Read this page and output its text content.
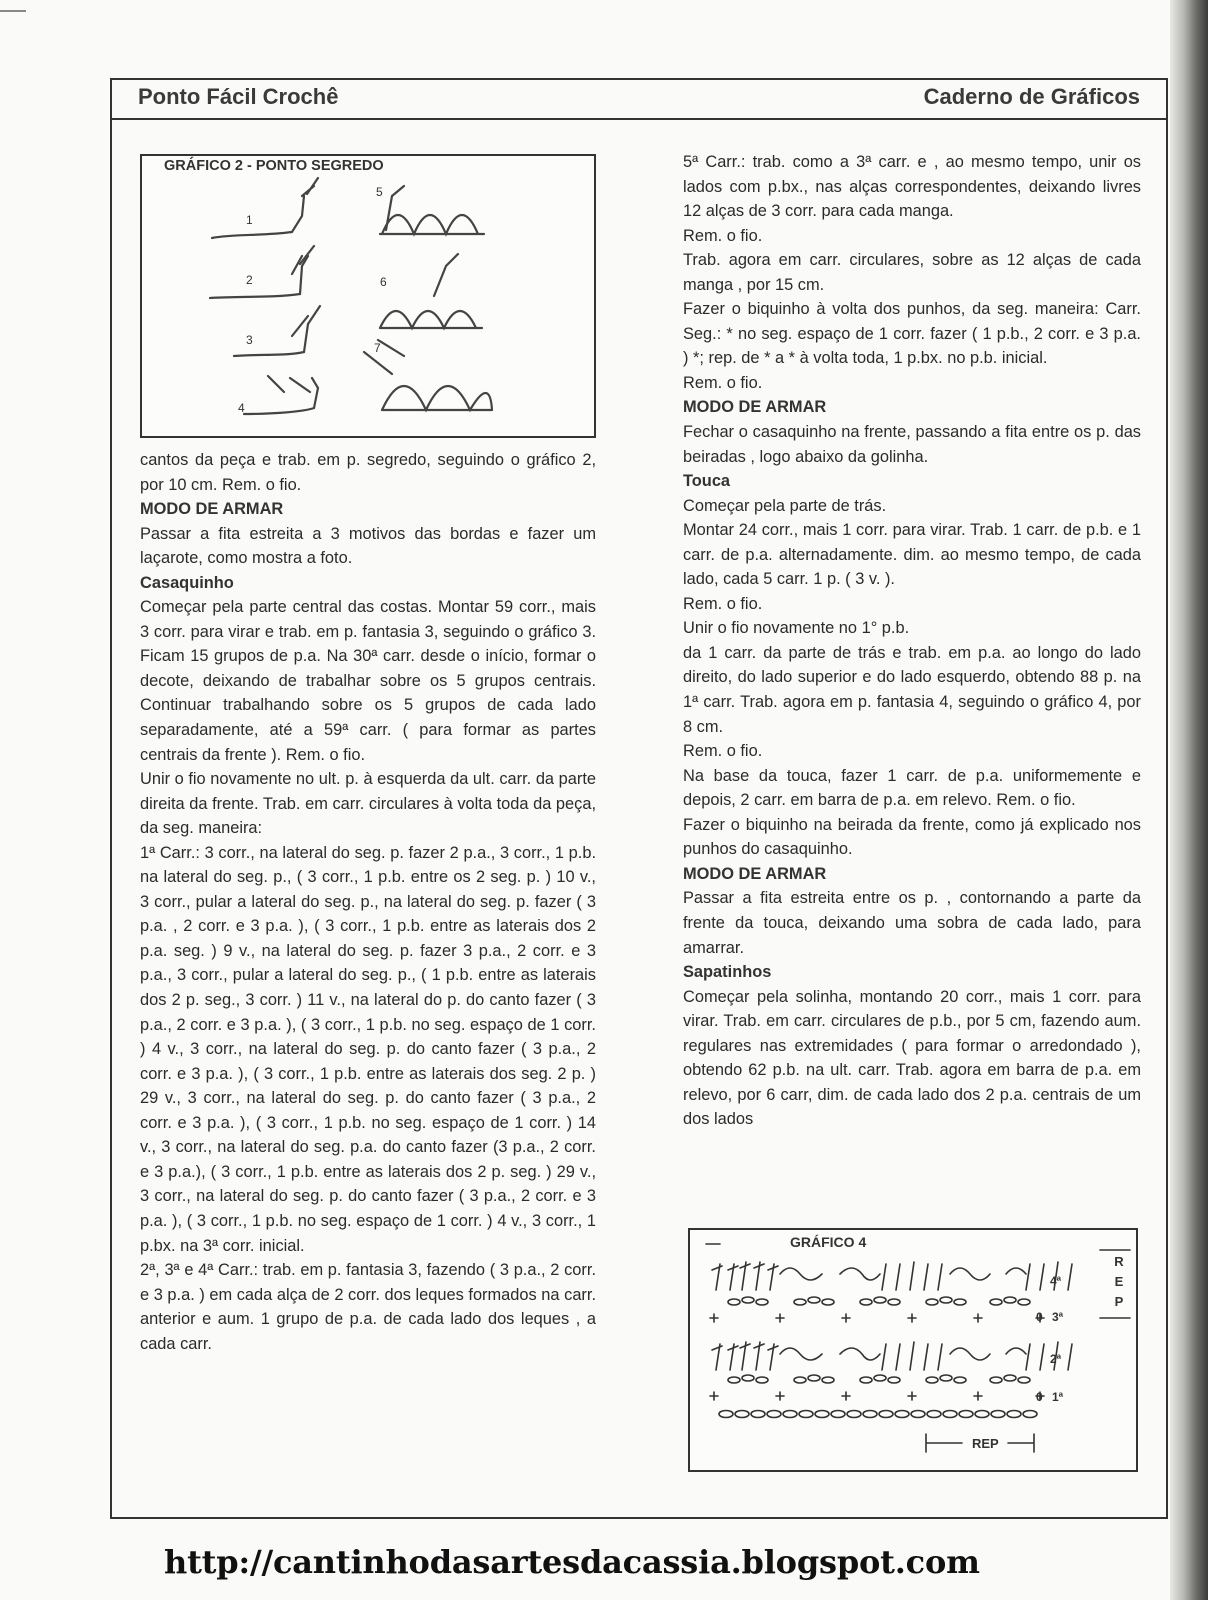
Ponto Fácil Crochê	Caderno de Gráficos
GRÁFICO 2 - PONTO SEGREDO
1
2
3
4
5
6
7

cantos da peça e trab. em p. segredo, seguindo o gráfico 2, por 10 cm. Rem. o fio.

MODO DE ARMAR

Passar a fita estreita a 3 motivos das bordas e fazer um laçarote, como mostra a foto.

Casaquinho

Começar pela parte central das costas. Montar 59 corr., mais 3 corr. para virar e trab. em p. fantasia 3, seguindo o gráfico 3. Ficam 15 grupos de p.a. Na 30ª carr. desde o início, formar o decote, deixando de trabalhar sobre os 5 grupos centrais. Continuar trabalhando sobre os 5 grupos de cada lado separadamente, até a 59ª carr. ( para formar as partes centrais da frente ). Rem. o fio.

Unir o fio novamente no ult. p. à esquerda da ult. carr. da parte direita da frente. Trab. em carr. circulares à volta toda da peça, da seg. maneira:

1ª Carr.: 3 corr., na lateral do seg. p. fazer 2 p.a., 3 corr., 1 p.b. na lateral do seg. p., ( 3 corr., 1 p.b. entre os 2 seg. p. ) 10 v., 3 corr., pular a lateral do seg. p., na lateral do seg. p. fazer ( 3 p.a. , 2 corr. e 3 p.a. ), ( 3 corr., 1 p.b. entre as laterais dos 2 p.a. seg. ) 9 v., na lateral do seg. p. fazer 3 p.a., 2 corr. e 3 p.a., 3 corr., pular a lateral do seg. p., ( 1 p.b. entre as laterais dos 2 p. seg., 3 corr. ) 11 v., na lateral do p. do canto fazer ( 3 p.a., 2 corr. e 3 p.a. ), ( 3 corr., 1 p.b. no seg. espaço de 1 corr. ) 4 v., 3 corr., na lateral do seg. p. do canto fazer ( 3 p.a., 2 corr. e 3 p.a. ), ( 3 corr., 1 p.b. entre as laterais dos seg. 2 p. ) 29 v., 3 corr., na lateral do seg. p. do canto fazer ( 3 p.a., 2 corr. e 3 p.a. ), ( 3 corr., 1 p.b. no seg. espaço de 1 corr. ) 14 v., 3 corr., na lateral do seg. p.a. do canto fazer (3 p.a., 2 corr. e 3 p.a.), ( 3 corr., 1 p.b. entre as laterais dos 2 p. seg. ) 29 v., 3 corr., na lateral do seg. p. do canto fazer ( 3 p.a., 2 corr. e 3 p.a. ), ( 3 corr., 1 p.b. no seg. espaço de 1 corr. ) 4 v., 3 corr., 1 p.bx. na 3ª corr. inicial.

2ª, 3ª e 4ª Carr.: trab. em p. fantasia 3, fazendo ( 3 p.a., 2 corr. e 3 p.a. ) em cada alça de 2 corr. dos leques formados na carr. anterior e aum. 1 grupo de p.a. de cada lado dos leques , a cada carr.

5ª Carr.: trab. como a 3ª carr. e , ao mesmo tempo, unir os lados com p.bx., nas alças correspondentes, deixando livres 12 alças de 3 corr. para cada manga.

Rem. o fio.

Trab. agora em carr. circulares, sobre as 12 alças de cada manga , por 15 cm.

Fazer o biquinho à volta dos punhos, da seg. maneira: Carr. Seg.: * no seg. espaço de 1 corr. fazer ( 1 p.b., 2 corr. e 3 p.a. ) *; rep. de * a * à volta toda, 1 p.bx. no p.b. inicial.

Rem. o fio.

MODO DE ARMAR

Fechar o casaquinho na frente, passando a fita entre os p. das beiradas , logo abaixo da golinha.

Touca

Começar pela parte de trás.

Montar 24 corr., mais 1 corr. para virar. Trab. 1 carr. de p.b. e 1 carr. de p.a. alternadamente. dim. ao mesmo tempo, de cada lado, cada 5 carr. 1 p. ( 3 v. ).

Rem. o fio.

Unir o fio novamente no 1° p.b.

da 1 carr. da parte de trás e trab. em p.a. ao longo do lado direito, do lado superior e do lado esquerdo, obtendo 88 p. na 1ª carr. Trab. agora em p. fantasia 4, seguindo o gráfico 4, por 8 cm.

Rem. o fio.

Na base da touca, fazer 1 carr. de p.a. uniformemente e depois, 2 carr. em barra de p.a. em relevo. Rem. o fio.

Fazer o biquinho na beirada da frente, como já explicado nos punhos do casaquinho.

MODO DE ARMAR

Passar a fita estreita entre os p. , contornando a parte da frente da touca, deixando uma sobra de cada lado, para amarrar.

Sapatinhos

Começar pela solinha, montando 20 corr., mais 1 corr. para virar. Trab. em carr. circulares de p.b., por 5 cm, fazendo aum. regulares nas extremidades ( para formar o arredondado ), obtendo 62 p.b. na ult. carr. Trab. agora em barra de p.a. em relevo, por 6 carr, dim. de cada lado dos 2 p.a. centrais de um dos lados

GRÁFICO 4
4ª
0 3ª
2ª
0 1ª
R
E
P
REP
http://cantinhodasartesdacassia.blogspot.com
